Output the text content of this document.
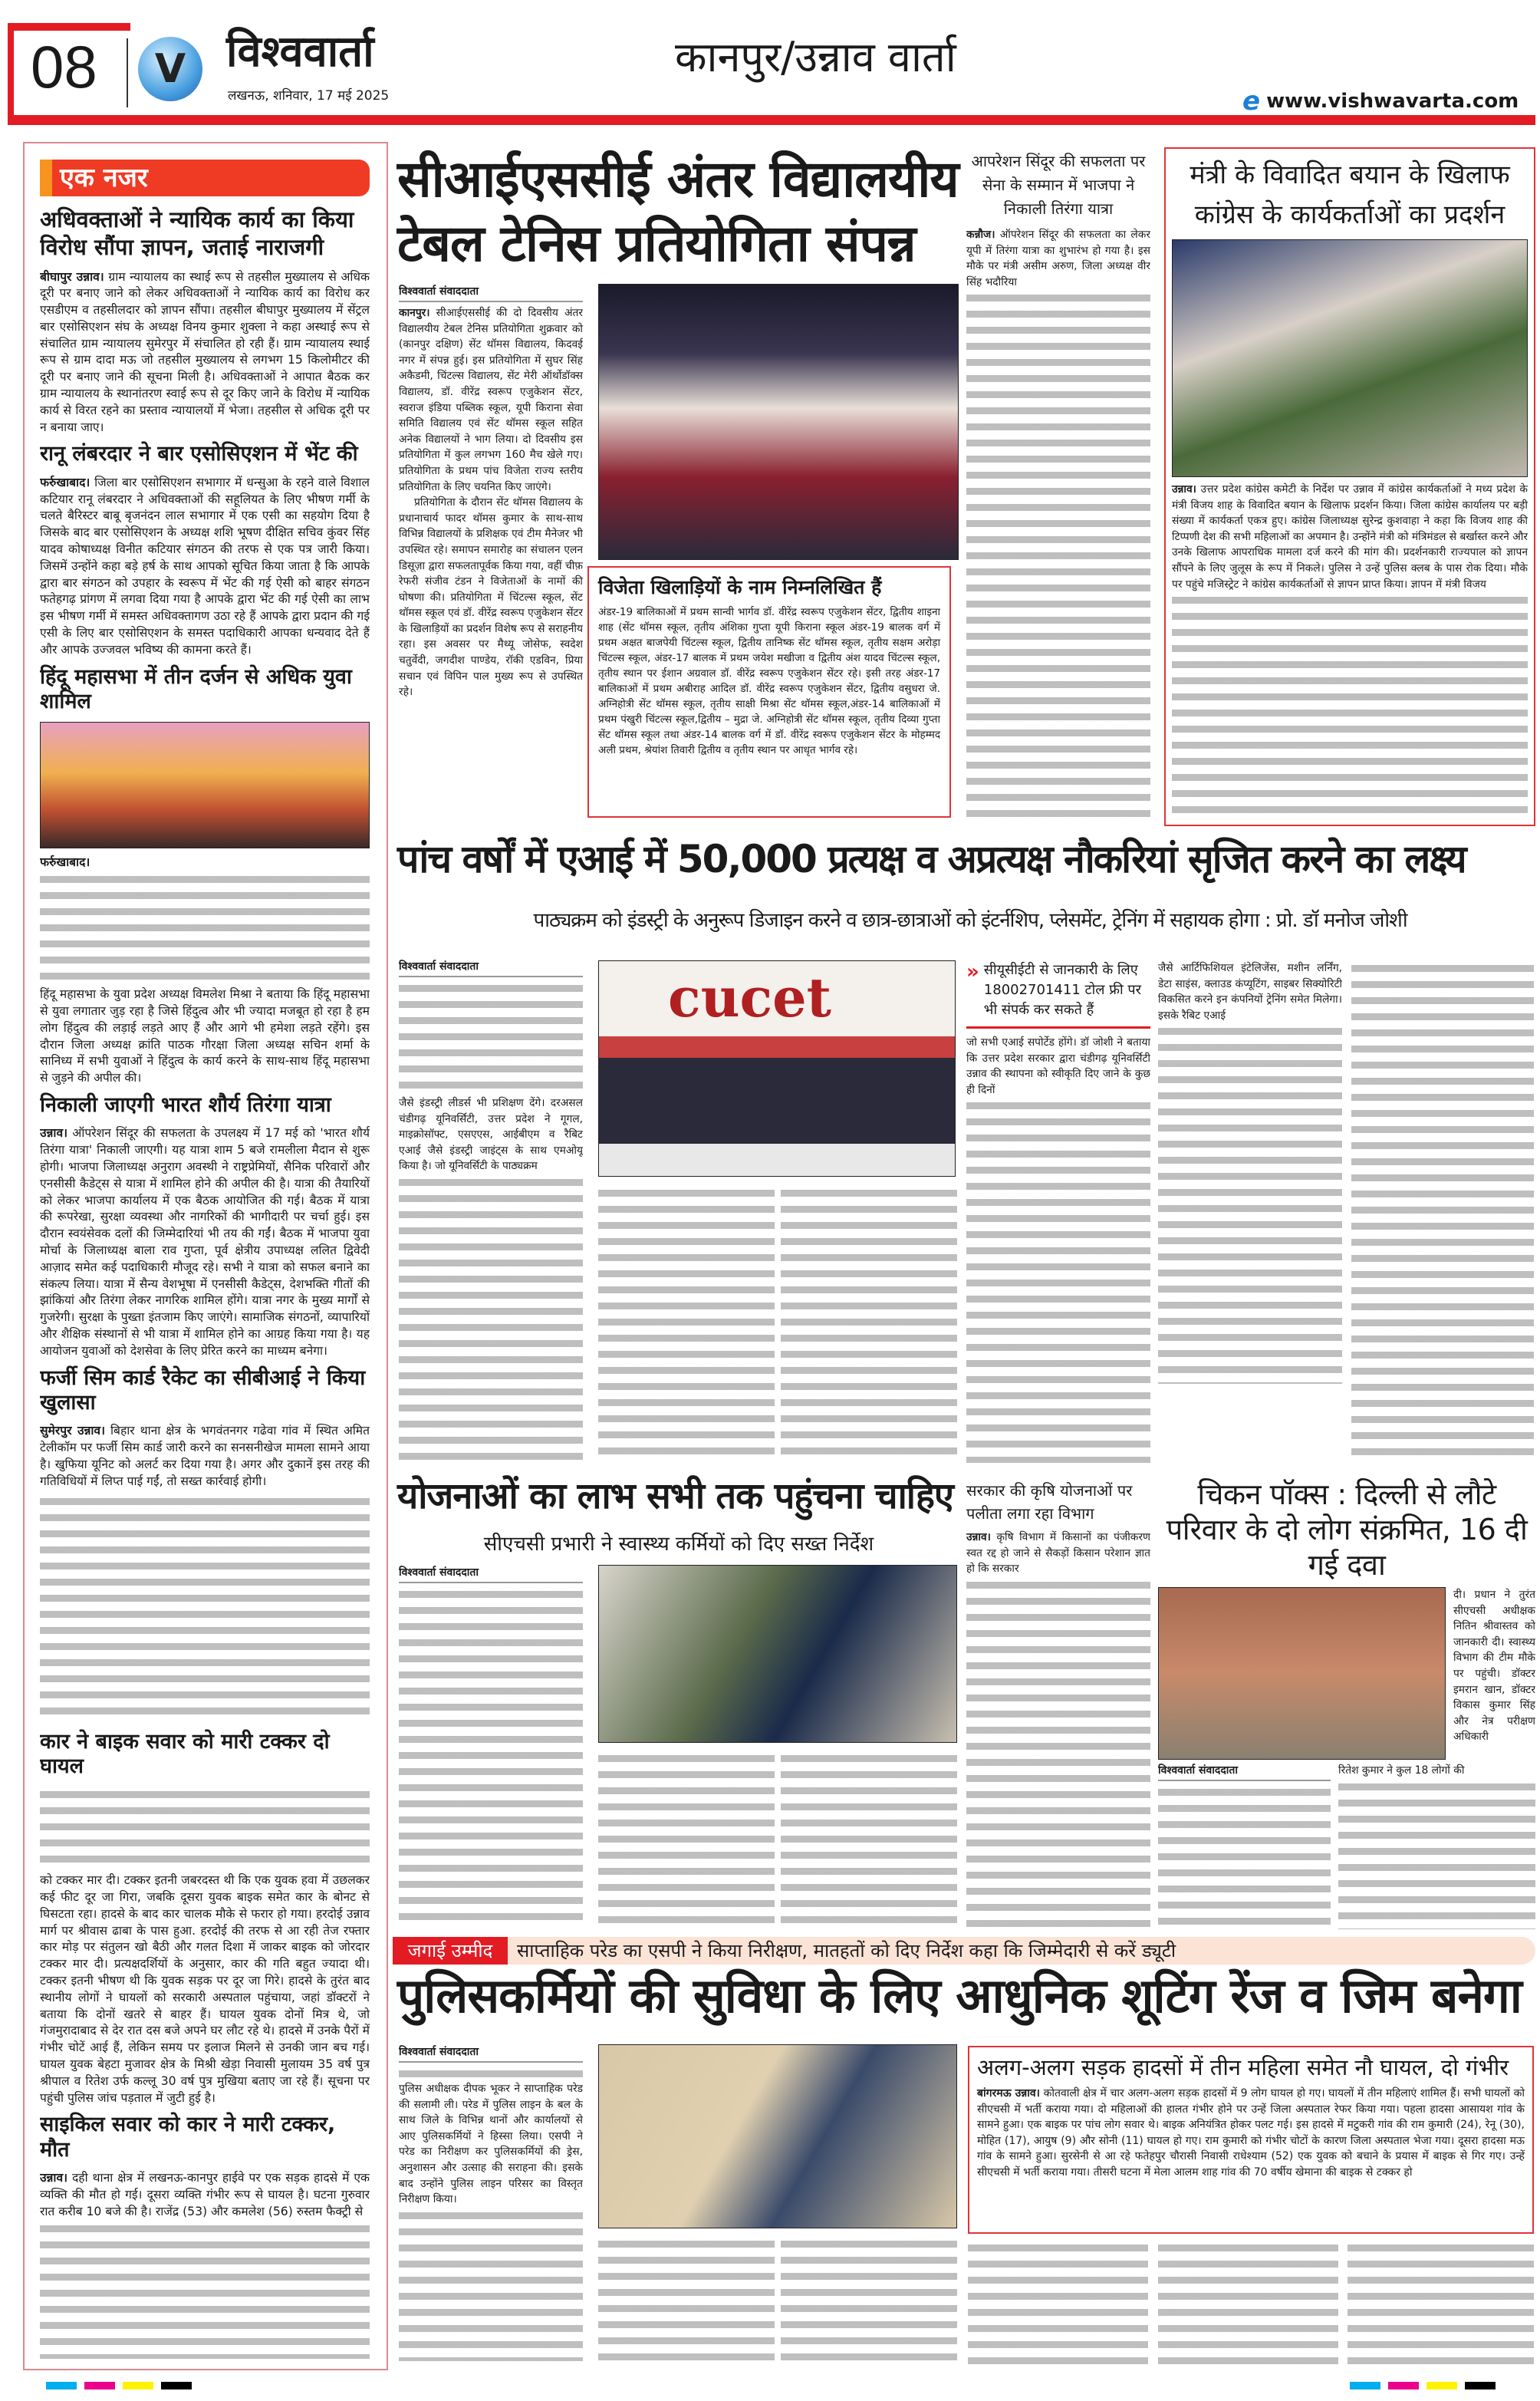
08 V विश्ववार्ता
लखनऊ, शनिवार, 17 मई 2025
कानपुर/उन्नाव वार्ता
e www.vishwavarta.com
एक नजर
अधिवक्ताओं ने न्यायिक कार्य का किया विरोध सौंपा ज्ञापन, जताई नाराजगी

बीघापुर उन्नाव। ग्राम न्यायालय का स्थाई रूप से तहसील मुख्यालय से अधिक दूरी पर बनाए जाने को लेकर अधिवक्ताओं ने न्यायिक कार्य का विरोध कर एसडीएम व तहसीलदार को ज्ञापन सौंपा। तहसील बीघापुर मुख्यालय में सेंट्रल बार एसोसिएशन संघ के अध्यक्ष विनय कुमार शुक्ला ने कहा अस्थाई रूप से संचालित ग्राम न्यायालय सुमेरपुर में संचालित हो रही हैं। ग्राम न्यायालय स्थाई रूप से ग्राम दादा मऊ जो तहसील मुख्यालय से लगभग 15 किलोमीटर की दूरी पर बनाए जाने की सूचना मिली है। अधिवक्ताओं ने आपात बैठक कर ग्राम न्यायालय के स्थानांतरण स्वाई रूप से दूर किए जाने के विरोध में न्यायिक कार्य से विरत रहने का प्रस्ताव न्यायालयों में भेजा। तहसील से अधिक दूरी पर न बनाया जाए।

रानू लंबरदार ने बार एसोसिएशन में भेंट की

फर्रुखाबाद। जिला बार एसोसिएशन सभागार में धन्सुआ के रहने वाले विशाल कटियार रानू लंबरदार ने अधिवक्ताओं की सहूलियत के लिए भीषण गर्मी के चलते बैरिस्टर बाबू बृजनंदन लाल सभागार में एक एसी का सहयोग दिया है जिसके बाद बार एसोसिएशन के अध्यक्ष शशि भूषण दीक्षित सचिव कुंवर सिंह यादव कोषाध्यक्ष विनीत कटियार संगठन की तरफ से एक पत्र जारी किया। जिसमें उन्होंने कहा बड़े हर्ष के साथ आपको सूचित किया जाता है कि आपके द्वारा बार संगठन को उपहार के स्वरूप में भेंट की गई ऐसी को बाहर संगठन फतेहगढ़ प्रांगण में लगवा दिया गया है आपके द्वारा भेंट की गई ऐसी का लाभ इस भीषण गर्मी में समस्त अधिवक्तागण उठा रहे हैं आपके द्वारा प्रदान की गई एसी के लिए बार एसोसिएशन के समस्त पदाधिकारी आपका धन्यवाद देते हैं और आपके उज्जवल भविष्य की कामना करते हैं।

हिंदू महासभा में तीन दर्जन से अधिक युवा शामिल

फर्रुखाबाद।
हिंदू महासभा के युवा प्रदेश अध्यक्ष विमलेश मिश्रा ने बताया कि हिंदू महासभा से युवा लगातार जुड़ रहा है जिसे हिंदुत्व और भी ज्यादा मजबूत हो रहा है हम लोग हिंदुत्व की लड़ाई लड़ते आए हैं और आगे भी हमेशा लड़ते रहेंगे। इस दौरान जिला अध्यक्ष क्रांति पाठक गौरक्षा जिला अध्यक्ष सचिन शर्मा के सानिध्य में सभी युवाओं ने हिंदुत्व के कार्य करने के साथ-साथ हिंदू महासभा से जुड़ने की अपील की।

निकाली जाएगी भारत शौर्य तिरंगा यात्रा

उन्नाव। ऑपरेशन सिंदूर की सफलता के उपलक्ष्य में 17 मई को 'भारत शौर्य तिरंगा यात्रा' निकाली जाएगी। यह यात्रा शाम 5 बजे रामलीला मैदान से शुरू होगी। भाजपा जिलाध्यक्ष अनुराग अवस्थी ने राष्ट्रप्रेमियों, सैनिक परिवारों और एनसीसी कैडेट्स से यात्रा में शामिल होने की अपील की है। यात्रा की तैयारियों को लेकर भाजपा कार्यालय में एक बैठक आयोजित की गई। बैठक में यात्रा की रूपरेखा, सुरक्षा व्यवस्था और नागरिकों की भागीदारी पर चर्चा हुई। इस दौरान स्वयंसेवक दलों की जिम्मेदारियां भी तय की गईं। बैठक में भाजपा युवा मोर्चा के जिलाध्यक्ष बाला राव गुप्ता, पूर्व क्षेत्रीय उपाध्यक्ष ललित द्विवेदी आज़ाद समेत कई पदाधिकारी मौजूद रहे। सभी ने यात्रा को सफल बनाने का संकल्प लिया। यात्रा में सैन्य वेशभूषा में एनसीसी कैडेट्स, देशभक्ति गीतों की झांकियां और तिरंगा लेकर नागरिक शामिल होंगे। यात्रा नगर के मुख्य मार्गों से गुजरेगी। सुरक्षा के पुख्ता इंतजाम किए जाएंगे। सामाजिक संगठनों, व्यापारियों और शैक्षिक संस्थानों से भी यात्रा में शामिल होने का आग्रह किया गया है। यह आयोजन युवाओं को देशसेवा के लिए प्रेरित करने का माध्यम बनेगा।

फर्जी सिम कार्ड रैकेट का सीबीआई ने किया खुलासा

सुमेरपुर उन्नाव। बिहार थाना क्षेत्र के भगवंतनगर गढेवा गांव में स्थित अमित टेलीकॉम पर फर्जी सिम कार्ड जारी करने का सनसनीखेज मामला सामने आया है। खुफिया यूनिट को अलर्ट कर दिया गया है। अगर और दुकानें इस तरह की गतिविधियों में लिप्त पाई गईं, तो सख्त कार्रवाई होगी।

कार ने बाइक सवार को मारी टक्कर दो घायल

को टक्कर मार दी। टक्कर इतनी जबरदस्त थी कि एक युवक हवा में उछलकर कई फीट दूर जा गिरा, जबकि दूसरा युवक बाइक समेत कार के बोनट से घिसटता रहा। हादसे के बाद कार चालक मौके से फरार हो गया। हरदोई उन्नाव मार्ग पर श्रीवास ढाबा के पास हुआ. हरदोई की तरफ से आ रही तेज रफ्तार कार मोड़ पर संतुलन खो बैठी और गलत दिशा में जाकर बाइक को जोरदार टक्कर मार दी। प्रत्यक्षदर्शियों के अनुसार, कार की गति बहुत ज्यादा थी। टक्कर इतनी भीषण थी कि युवक सड़क पर दूर जा गिरे। हादसे के तुरंत बाद स्थानीय लोगों ने घायलों को सरकारी अस्पताल पहुंचाया, जहां डॉक्टरों ने बताया कि दोनों खतरे से बाहर हैं। घायल युवक दोनों मित्र थे, जो गंजमुरादाबाद से देर रात दस बजे अपने घर लौट रहे थे। हादसे में उनके पैरों में गंभीर चोटें आई हैं, लेकिन समय पर इलाज मिलने से उनकी जान बच गई। घायल युवक बेहटा मुजावर क्षेत्र के मिश्री खेड़ा निवासी मुलायम 35 वर्ष पुत्र श्रीपाल व रितेश उर्फ कल्लू 30 वर्ष पुत्र मुखिया बताए जा रहे हैं। सूचना पर पहुंची पुलिस जांच पड़ताल में जुटी हुई है।

साइकिल सवार को कार ने मारी टक्कर, मौत

उन्नाव। दही थाना क्षेत्र में लखनऊ-कानपुर हाईवे पर एक सड़क हादसे में एक व्यक्ति की मौत हो गई। दूसरा व्यक्ति गंभीर रूप से घायल है। घटना गुरुवार रात करीब 10 बजे की है। राजेंद्र (53) और कमलेश (56) रुस्तम फैक्ट्री से

सीआईएससीई अंतर विद्यालयीय टेबल टेनिस प्रतियोगिता संपन्न
विश्ववार्ता संवाददाता

कानपुर। सीआईएससीई की दो दिवसीय अंतर विद्यालयीय टेबल टेनिस प्रतियोगिता शुक्रवार को (कानपुर दक्षिण) सेंट थॉमस विद्यालय, किदवई नगर में संपन्न हुई। इस प्रतियोगिता में सुघर सिंह अकैडमी, चिंटल्स विद्यालय, सेंट मेरी ऑर्थोडॉक्स विद्यालय, डॉ. वीरेंद्र स्वरूप एजुकेशन सेंटर, स्वराज इंडिया पब्लिक स्कूल, यूपी किराना सेवा समिति विद्यालय एवं सेंट थॉमस स्कूल सहित अनेक विद्यालयों ने भाग लिया। दो दिवसीय इस प्रतियोगिता में कुल लगभग 160 मैच खेले गए। प्रतियोगिता के प्रथम पांच विजेता राज्य स्तरीय प्रतियोगिता के लिए चयनित किए जाएंगे।

प्रतियोगिता के दौरान सेंट थॉमस विद्यालय के प्रधानाचार्य फादर थॉमस कुमार के साथ-साथ विभिन्न विद्यालयों के प्रशिक्षक एवं टीम मैनेजर भी उपस्थित रहे। समापन समारोह का संचालन एलन डिसूज़ा द्वारा सफलतापूर्वक किया गया, वहीं चीफ़ रेफरी संजीव टंडन ने विजेताओं के नामों की घोषणा की। प्रतियोगिता में चिंटल्स स्कूल, सेंट थॉमस स्कूल एवं डॉ. वीरेंद्र स्वरूप एजुकेशन सेंटर के खिलाड़ियों का प्रदर्शन विशेष रूप से सराहनीय रहा। इस अवसर पर मैथ्यू जोसेफ, स्वदेश चतुर्वेदी, जगदीश पाण्डेय, रॉकी एडविन, प्रिया सचान एवं विपिन पाल मुख्य रूप से उपस्थित रहे।

विजेता खिलाड़ियों के नाम निम्नलिखित हैं

अंडर-19 बालिकाओं में प्रथम सान्वी भार्गव डॉ. वीरेंद्र स्वरूप एजुकेशन सेंटर, द्वितीय शाइना शाह (सेंट थॉमस स्कूल, तृतीय अंशिका गुप्ता यूपी किराना स्कूल अंडर-19 बालक वर्ग में प्रथम अक्षत बाजपेयी चिंटल्स स्कूल, द्वितीय तानिष्क सेंट थॉमस स्कूल, तृतीय सक्षम अरोड़ा चिंटल्स स्कूल, अंडर-17 बालक में प्रथम जयेश मखीजा व द्वितीय अंश यादव चिंटल्स स्कूल, तृतीय स्थान पर ईशान अग्रवाल डॉ. वीरेंद्र स्वरूप एजुकेशन सेंटर रहे। इसी तरह अंडर-17 बालिकाओं में प्रथम अबीराह आदिल डॉ. वीरेंद्र स्वरूप एजुकेशन सेंटर, द्वितीय वसुधरा जे. अग्निहोत्री सेंट थॉमस स्कूल, तृतीय साक्षी मिश्रा सेंट थॉमस स्कूल,अंडर-14 बालिकाओं में प्रथम पंखुरी चिंटल्स स्कूल,द्वितीय – मुद्रा जे. अग्निहोत्री सेंट थॉमस स्कूल, तृतीय दिव्या गुप्ता सेंट थॉमस स्कूल तथा अंडर-14 बालक वर्ग में डॉ. वीरेंद्र स्वरूप एजुकेशन सेंटर के मोहम्मद अली प्रथम, श्रेयांश तिवारी द्वितीय व तृतीय स्थान पर आधृत भार्गव रहे।

आपरेशन सिंदूर की सफलता पर सेना के सम्मान में भाजपा ने निकाली तिरंगा यात्रा

कन्नौज। ऑपरेशन सिंदूर की सफलता का लेकर यूपी में तिरंगा यात्रा का शुभारंभ हो गया है। इस मौके पर मंत्री असीम अरुण, जिला अध्यक्ष वीर सिंह भदौरिया

मंत्री के विवादित बयान के खिलाफ कांग्रेस के कार्यकर्ताओं का प्रदर्शन

उन्नाव। उत्तर प्रदेश कांग्रेस कमेटी के निर्देश पर उन्नाव में कांग्रेस कार्यकर्ताओं ने मध्य प्रदेश के मंत्री विजय शाह के विवादित बयान के खिलाफ प्रदर्शन किया। जिला कांग्रेस कार्यालय पर बड़ी संख्या में कार्यकर्ता एकत्र हुए। कांग्रेस जिलाध्यक्ष सुरेन्द्र कुशवाहा ने कहा कि विजय शाह की टिप्पणी देश की सभी महिलाओं का अपमान है। उन्होंने मंत्री को मंत्रिमंडल से बर्खास्त करने और उनके खिलाफ आपराधिक मामला दर्ज करने की मांग की। प्रदर्शनकारी राज्यपाल को ज्ञापन सौंपने के लिए जुलूस के रूप में निकले। पुलिस ने उन्हें पुलिस क्लब के पास रोक दिया। मौके पर पहुंचे मजिस्ट्रेट ने कांग्रेस कार्यकर्ताओं से ज्ञापन प्राप्त किया। ज्ञापन में मंत्री विजय

पांच वर्षों में एआई में 50,000 प्रत्यक्ष व अप्रत्यक्ष नौकरियां सृजित करने का लक्ष्य
पाठ्यक्रम को इंडस्ट्री के अनुरूप डिजाइन करने व छात्र-छात्राओं को इंटर्नशिप, प्लेसमेंट, ट्रेनिंग में सहायक होगा : प्रो. डॉ मनोज जोशी
विश्ववार्ता संवाददाता

जैसे इंडस्ट्री लीडर्स भी प्रशिक्षण देंगे। दरअसल चंडीगढ़ यूनिवर्सिटी, उत्तर प्रदेश ने गूगल, माइक्रोसॉफ्ट, एसएएस, आईबीएम व रैबिट एआई जैसे इंडस्ट्री जाइंट्स के साथ एमओयू किया है। जो यूनिवर्सिटी के पाठ्यक्रम

cucet	» सीयूसीईटी से जानकारी के लिए 18002701411 टोल फ्री पर भी संपर्क कर सकते हैं

जो सभी एआई सपोर्टेड होंगे। डॉ जोशी ने बताया कि उत्तर प्रदेश सरकार द्वारा चंडीगढ़ यूनिवर्सिटी उन्नाव की स्थापना को स्वीकृति दिए जाने के कुछ ही दिनों

जैसे आर्टिफिशियल इंटेलिजेंस, मशीन लर्निंग, डेटा साइंस, क्लाउड कंप्यूटिंग, साइबर सिक्योरिटी विकसित करने इन कंपनियों ट्रेनिंग समेत मिलेगा। इसके रैबिट एआई

योजनाओं का लाभ सभी तक पहुंचना चाहिए
सीएचसी प्रभारी ने स्वास्थ्य कर्मियों को दिए सख्त निर्देश
विश्ववार्ता संवाददाता
सरकार की कृषि योजनाओं पर पलीता लगा रहा विभाग

उन्नाव। कृषि विभाग में किसानों का पंजीकरण स्वत रद्द हो जाने से सैकड़ों किसान परेशान ज्ञात हो कि सरकार

चिकन पॉक्स : दिल्ली से लौटे परिवार के दो लोग संक्रमित, 16 दी गई दवा
दी। प्रधान ने तुरंत सीएचसी अधीक्षक नितिन श्रीवास्तव को जानकारी दी। स्वास्थ्य विभाग की टीम मौके पर पहुंची। डॉक्टर इमरान खान, डॉक्टर विकास कुमार सिंह और नेत्र परीक्षण अधिकारी
विश्ववार्ता संवाददाता	रितेश कुमार ने कुल 18 लोगों की

जगाई उम्मीद	साप्ताहिक परेड का एसपी ने किया निरीक्षण, मातहतों को दिए निर्देश कहा कि जिम्मेदारी से करें ड्यूटी
पुलिसकर्मियों की सुविधा के लिए आधुनिक शूटिंग रेंज व जिम बनेगा
विश्ववार्ता संवाददाता

पुलिस अधीक्षक दीपक भूकर ने साप्ताहिक परेड की सलामी ली। परेड में पुलिस लाइन के बल के साथ जिले के विभिन्न थानों और कार्यालयों से आए पुलिसकर्मियों ने हिस्सा लिया। एसपी ने परेड का निरीक्षण कर पुलिसकर्मियों की ड्रेस, अनुशासन और उत्साह की सराहना की। इसके बाद उन्होंने पुलिस लाइन परिसर का विस्तृत निरीक्षण किया।

अलग-अलग सड़क हादसों में तीन महिला समेत नौ घायल, दो गंभीर

बांगरमऊ उन्नाव। कोतवाली क्षेत्र में चार अलग-अलग सड़क हादसों में 9 लोग घायल हो गए। घायलों में तीन महिलाएं शामिल हैं। सभी घायलों को सीएचसी में भर्ती कराया गया। दो महिलाओं की हालत गंभीर होने पर उन्हें जिला अस्पताल रेफर किया गया। पहला हादसा आसायश गांव के सामने हुआ। एक बाइक पर पांच लोग सवार थे। बाइक अनियंत्रित होकर पलट गई। इस हादसे में मटुकरी गांव की राम कुमारी (24), रेनू (30), मोहित (17), आयुष (9) और सोनी (11) घायल हो गए। राम कुमारी को गंभीर चोटों के कारण जिला अस्पताल भेजा गया। दूसरा हादसा मऊ गांव के सामने हुआ। सुरसेनी से आ रहे फतेहपुर चौरासी निवासी राधेश्याम (52) एक युवक को बचाने के प्रयास में बाइक से गिर गए। उन्हें सीएचसी में भर्ती कराया गया। तीसरी घटना में मेला आलम शाह गांव की 70 वर्षीय खेमाना की बाइक से टक्कर हो
